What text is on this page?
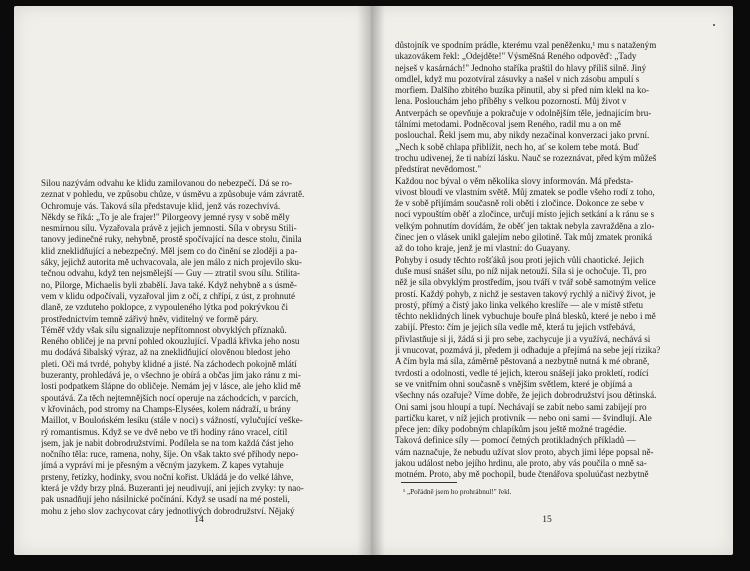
Silou nazývám odvahu ke klidu zamilovanou do nebezpečí. Dá se ro-
zeznat v pohledu, ve způsobu chůze, v úsměvu a způsobuje vám závratě.
Ochromuje vás. Taková síla představuje klid, jenž vás rozechvívá.
Někdy se říká: „To je ale frajer!" Pilorgeovy jemné rysy v sobě měly
nesmírnou sílu. Vyzařovala právě z jejich jemnosti. Síla v obrysu Stili-
tanovy jedinečné ruky, nehybně, prostě spočívající na desce stolu, činila
klid zneklidňující a nebezpečný. Měl jsem co do činění se zloději a pa-
sáky, jejichž autorita mě uchvacovala, ale jen málo z nich projevilo sku-
tečnou odvahu, když ten nejsmělejší — Guy — ztratil svou sílu. Stilita-
no, Pilorge, Michaelis byli zbabělí. Java také. Když nehybně a s úsmě-
vem v klidu odpočívali, vyzařoval jim z očí, z chřípí, z úst, z prohnuté
dlaně, ze vzduteho poklopce, z vypouleného lýtka pod pokrývkou či
prostřednictvím temně zářivý hněv, viditelný ve formě páry.
Téměř vždy však sílu signalizuje nepřítomnost obvyklých příznaků.
Reného obličej je na první pohled okouzlující. Vpadlá křivka jeho nosu
mu dodává šibalský výraz, až na zneklidňující olověnou bledost jeho
pleti. Oči má tvrdé, pohyby klidné a jisté. Na záchodech pokojně mlátí
buzeranty, prohledává je, o všechno je obírá a občas jim jako ránu z mi-
losti podpatkem šlápne do obličeje. Nemám jej v lásce, ale jeho klid mě
spoutává. Za těch nejtemnějších nocí operuje na záchodcích, v parcích,
v křovinách, pod stromy na Champs-Elysées, kolem nádraží, u brány
Maillot, v Boulońském lesíku (stále v noci) s vážností, vylučující veške-
rý romantismus. Když se ve dvě nebo ve tři hodiny ráno vracel, cítil
jsem, jak je nabit dobrodružstvími. Podílela se na tom každá část jeho
nočního těla: ruce, ramena, nohy, šíje. On však takto své příhody nepo-
jímá a vypráví mi je přesným a věcným jazykem. Z kapes vytahuje
prsteny, řetízky, hodinky, svou noční kořist. Ukládá je do velké láhve,
která je vždy brzy plná. Buzeranti jej neudivují, ani jejich zvyky: ty nao-
pak usnadňují jeho násilnické počínání. Když se usadí na mé posteli,
mohu z jeho slov zachycovat cáry jednotlivých dobrodružství. Nějaký
14
důstojník ve spodním prádle, kterému vzal peněženku,¹ mu s nataženým
ukazovákem řekl: „Odejděte!" Výsměšná Reného odpověď: „Tady
nejseš v kasárnách!" Jednoho staříka praštil do hlavy příliš silně. Jiný
omdlel, když mu pozotvíral zásuvky a našel v nich zásobu ampulí s
morfiem. Dalšího zbitého buzíka přinutil, aby si před ním klekl na ko-
lena. Poslouchám jeho příběhy s velkou pozorností. Můj život v
Antverpách se opevňuje a pokračuje v odolnějším těle, jednajícím bru-
tálními metodami. Podněcoval jsem Reného, radil mu a on mě
poslouchal. Řekl jsem mu, aby nikdy nezačínal konverzaci jako první.
„Nech k sobě chlapa přiblížit, nech ho, ať se kolem tebe motá. Buď
trochu udivenej, že ti nabízí lásku. Nauč se rozeznávat, před kým můžeš
předstírat nevědomost."
Každou noc býval o věm několika slovy informován. Má předsta-
vivost bloudí ve vlastním světě. Můj zmatek se podle všeho rodí z toho,
že v sobě přijímám současně roli oběti i zločince. Dokonce ze sebe v
noci vypouštím oběť a zločince, určují místo jejich setkání a k ránu se s
velkým pohnutím dovídám, že oběť jen taktak nebyla zavražděna a zlo-
činec jen o vlásek unikl galejím nebo gilotině. Tak můj zmatek proniká
až do toho kraje, jenž je mi vlastní: do Guayany.
Pohyby i osudy těchto rošťáků jsou proti jejich vůli chaotické. Jejich
duše musí snášet sílu, po níž nijak netouží. Síla si je ochočuje. Ti, pro
něž je síla obvyklým prostředím, jsou tváří v tvář sobě samotným velice
prostí. Každý pohyb, z nichž je sestaven takový rychlý a ničivý život, je
prostý, přímý a čistý jako linka velkého kreslíře — ale v místě střetu
těchto neklidných linek vybuchuje bouře plná blesků, které je nebo i mě
zabijí. Přesto: čím je jejich síla vedle mě, která tu jejich vstřebává,
přivlastňuje si ji, žádá si ji pro sebe, zachycuje ji a využívá, nechává si
ji vnucovat, pozmává ji, předem ji odhaduje a přejímá na sebe její rizika?
A čím byla má síla, záměrně pěstovaná a nezbytně nutná k mé obraně,
tvrdosti a odolnosti, vedle té jejich, kterou snášejí jako prokletí, rodící
se ve vnitřním ohni současně s vnějším světlem, které je objímá a
všechny nás ozařuje? Víme dobře, že jejich dobrodružství jsou dětinská.
Oni sami jsou hloupí a tupí. Nechávají se zabít nebo sami zabíjejí pro
partičku karet, v níž jejich protivník — nebo oni sami — švindlují. Ale
přece jen: díky podobným chlapíkům jsou ještě možné tragédie.
Taková definice síly — pomocí četných protikladných příkladů —
vám naznačuje, že nebudu užívat slov proto, abych jimi lépe popsal ně-
jakou událost nebo jejího hrdinu, ale proto, aby vás poučila o mně sa-
motném. Proto, aby mě pochopil, bude čtenářova spoluúčast nezbytně
¹ „Pořádně jsem ho prohrábnul!" řekl.
15
